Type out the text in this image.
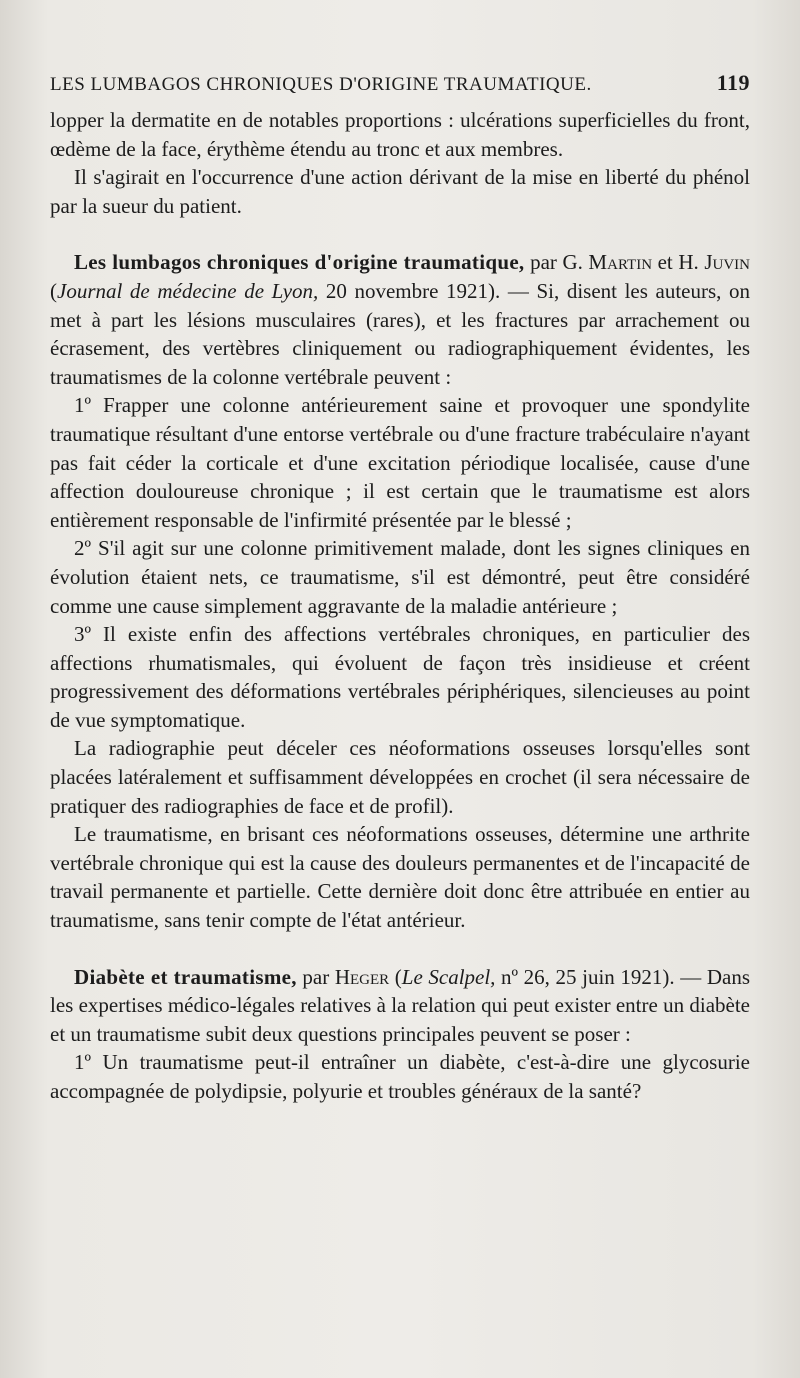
LES LUMBAGOS CHRONIQUES D'ORIGINE TRAUMATIQUE.	119

lopper la dermatite en de notables proportions : ulcérations superficielles du front, œdème de la face, érythème étendu au tronc et aux membres.

Il s'agirait en l'occurrence d'une action dérivant de la mise en liberté du phénol par la sueur du patient.

Les lumbagos chroniques d'origine traumatique, par G. Martin et H. Juvin (Journal de médecine de Lyon, 20 novembre 1921). — Si, disent les auteurs, on met à part les lésions musculaires (rares), et les fractures par arrachement ou écrasement, des vertèbres cliniquement ou radiographiquement évidentes, les traumatismes de la colonne vertébrale peuvent :

1º Frapper une colonne antérieurement saine et provoquer une spondylite traumatique résultant d'une entorse vertébrale ou d'une fracture trabéculaire n'ayant pas fait céder la corticale et d'une excitation périodique localisée, cause d'une affection douloureuse chronique ; il est certain que le traumatisme est alors entièrement responsable de l'infirmité présentée par le blessé ;

2º S'il agit sur une colonne primitivement malade, dont les signes cliniques en évolution étaient nets, ce traumatisme, s'il est démontré, peut être considéré comme une cause simplement aggravante de la maladie antérieure ;

3º Il existe enfin des affections vertébrales chroniques, en particulier des affections rhumatismales, qui évoluent de façon très insidieuse et créent progressivement des déformations vertébrales périphériques, silencieuses au point de vue symptomatique.

La radiographie peut déceler ces néoformations osseuses lorsqu'elles sont placées latéralement et suffisamment développées en crochet (il sera nécessaire de pratiquer des radiographies de face et de profil).

Le traumatisme, en brisant ces néoformations osseuses, détermine une arthrite vertébrale chronique qui est la cause des douleurs permanentes et de l'incapacité de travail permanente et partielle. Cette dernière doit donc être attribuée en entier au traumatisme, sans tenir compte de l'état antérieur.

Diabète et traumatisme, par Heger (Le Scalpel, nº 26, 25 juin 1921). — Dans les expertises médico-légales relatives à la relation qui peut exister entre un diabète et un traumatisme subit deux questions principales peuvent se poser :

1º Un traumatisme peut-il entraîner un diabète, c'est-à-dire une glycosurie accompagnée de polydipsie, polyurie et troubles généraux de la santé?
